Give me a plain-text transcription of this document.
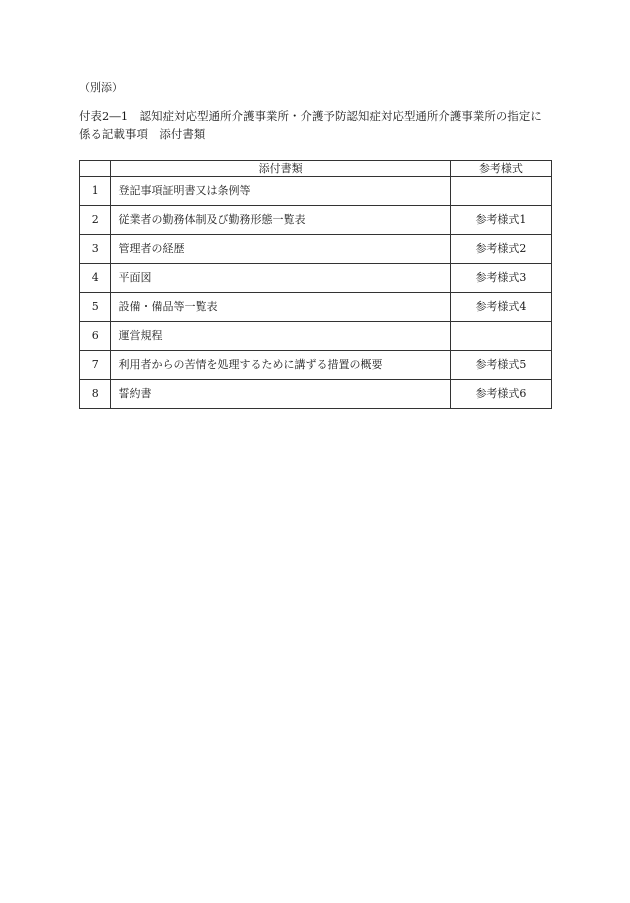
（別添）
付表2―1　認知症対応型通所介護事業所・介護予防認知症対応型通所介護事業所の指定に
係る記載事項　添付書類
	添付書類	参考様式
1	登記事項証明書又は条例等	
2	従業者の勤務体制及び勤務形態一覧表	参考様式1
3	管理者の経歴	参考様式2
4	平面図	参考様式3
5	設備・備品等一覧表	参考様式4
6	運営規程	
7	利用者からの苦情を処理するために講ずる措置の概要	参考様式5
8	誓約書	参考様式6
